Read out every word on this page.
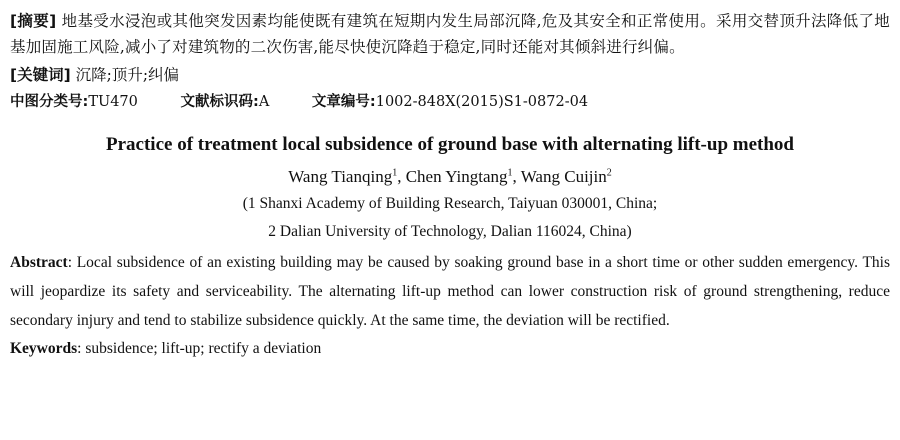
[摘要] 地基受水浸泡或其他突发因素均能使既有建筑在短期内发生局部沉降,危及其安全和正常使用。采用交替顶升法降低了地基加固施工风险,减小了对建筑物的二次伤害,能尽快使沉降趋于稳定,同时还能对其倾斜进行纠偏。
[关键词] 沉降;顶升;纠偏
中图分类号:TU470	文献标识码:A	文章编号:1002-848X(2015)S1-0872-04
Practice of treatment local subsidence of ground base with alternating lift-up method
Wang Tianqing$^1$, Chen Yingtang$^1$, Wang Cuijin$^2$
(1 Shanxi Academy of Building Research, Taiyuan 030001, China;
2 Dalian University of Technology, Dalian 116024, China)
Abstract: Local subsidence of an existing building may be caused by soaking ground base in a short time or other sudden emergency. This will jeopardize its safety and serviceability. The alternating lift-up method can lower construction risk of ground strengthening, reduce secondary injury and tend to stabilize subsidence quickly. At the same time, the deviation will be rectified.
Keywords: subsidence; lift-up; rectify a deviation
